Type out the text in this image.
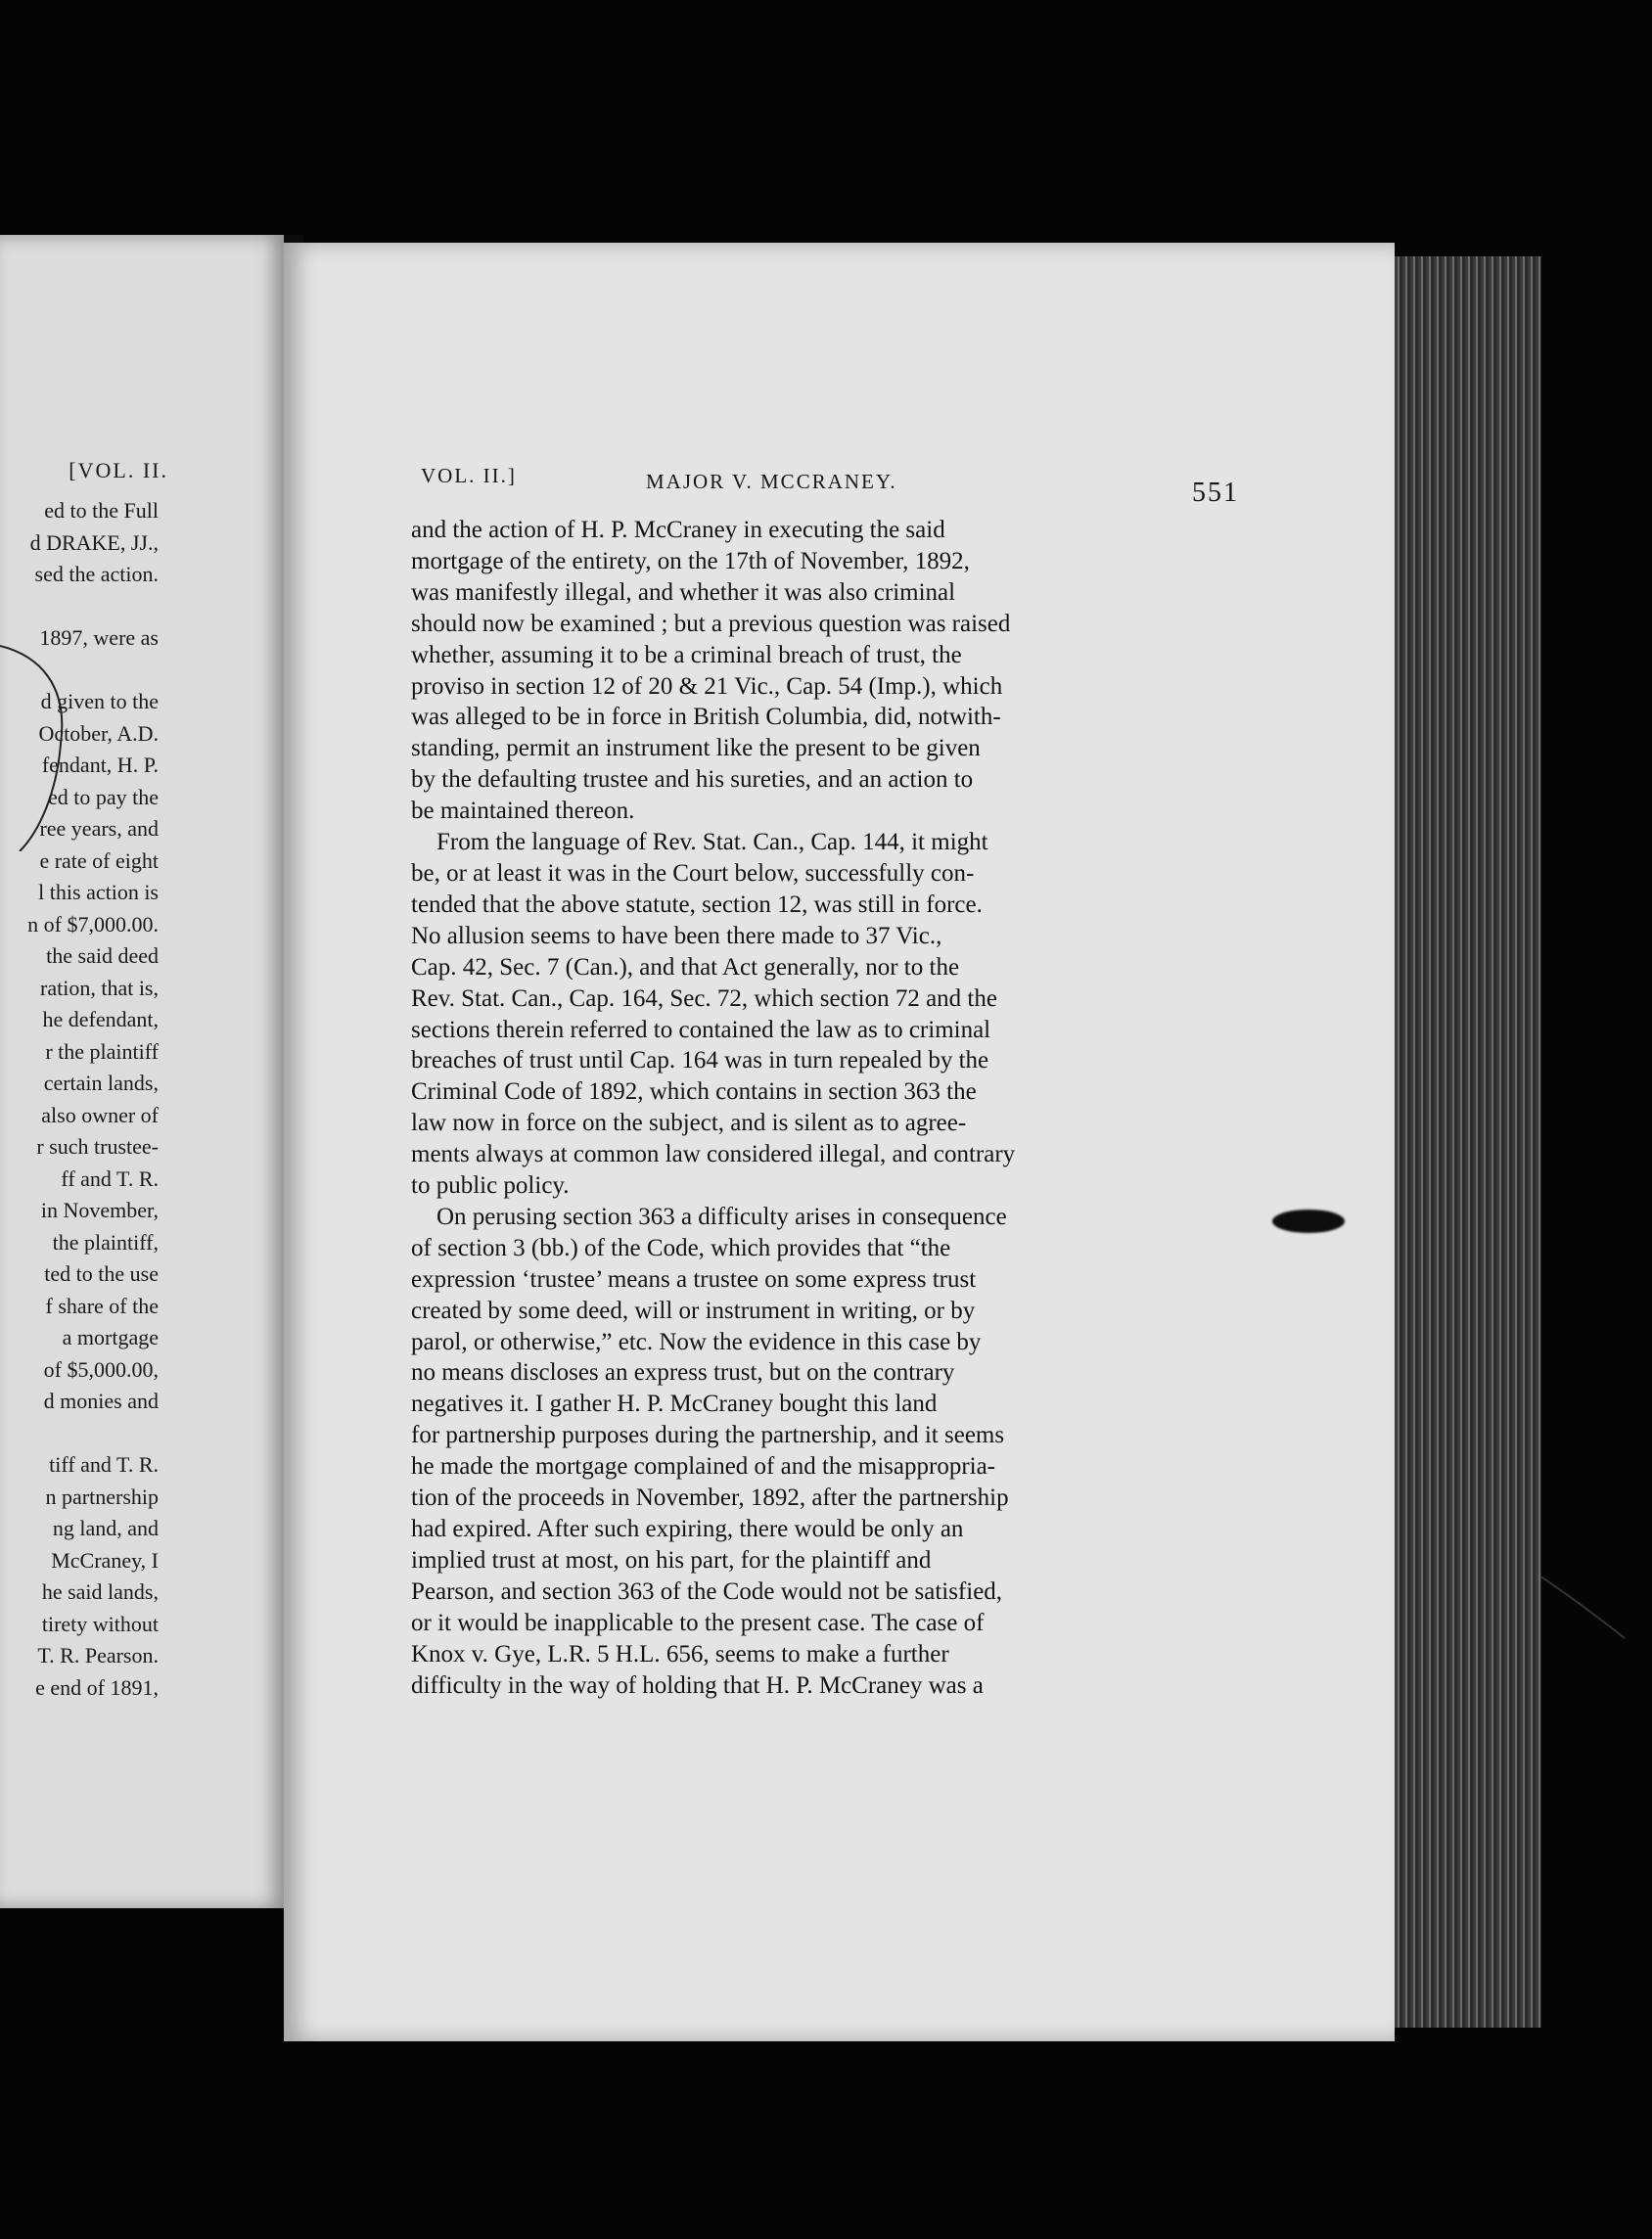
[VOL. II.
ed to the Full
d DRAKE, JJ.,
sed the action.
1897, were as
d given to the
October, A.D.
fendant, H. P.
ed to pay the
ree years, and
e rate of eight
l this action is
n of $7,000.00.
the said deed
ration, that is,
he defendant,
r the plaintiff
certain lands,
also owner of
r such trustee-
ff and T. R.
in November,
the plaintiff,
ted to the use
f share of the
a mortgage
of $5,000.00,
d monies and
tiff and T. R.
n partnership
ng land, and
McCraney, I
he said lands,
tirety without
T. R. Pearson.
e end of 1891,
VOL. II.]	MAJOR V. MCCRANEY.	551
and the action of H. P. McCraney in executing the said
mortgage of the entirety, on the 17th of November, 1892,
was manifestly illegal, and whether it was also criminal
should now be examined ; but a previous question was raised
whether, assuming it to be a criminal breach of trust, the
proviso in section 12 of 20 & 21 Vic., Cap. 54 (Imp.), which
was alleged to be in force in British Columbia, did, notwith-
standing, permit an instrument like the present to be given
by the defaulting trustee and his sureties, and an action to
be maintained thereon.
From the language of Rev. Stat. Can., Cap. 144, it might
be, or at least it was in the Court below, successfully con-
tended that the above statute, section 12, was still in force.
No allusion seems to have been there made to 37 Vic.,
Cap. 42, Sec. 7 (Can.), and that Act generally, nor to the
Rev. Stat. Can., Cap. 164, Sec. 72, which section 72 and the
sections therein referred to contained the law as to criminal
breaches of trust until Cap. 164 was in turn repealed by the
Criminal Code of 1892, which contains in section 363 the
law now in force on the subject, and is silent as to agree-
ments always at common law considered illegal, and contrary
to public policy.
On perusing section 363 a difficulty arises in consequence
of section 3 (bb.) of the Code, which provides that “the
expression ‘trustee’ means a trustee on some express trust
created by some deed, will or instrument in writing, or by
parol, or otherwise,” etc. Now the evidence in this case by
no means discloses an express trust, but on the contrary
negatives it. I gather H. P. McCraney bought this land
for partnership purposes during the partnership, and it seems
he made the mortgage complained of and the misappropria-
tion of the proceeds in November, 1892, after the partnership
had expired. After such expiring, there would be only an
implied trust at most, on his part, for the plaintiff and
Pearson, and section 363 of the Code would not be satisfied,
or it would be inapplicable to the present case. The case of
Knox v. Gye, L.R. 5 H.L. 656, seems to make a further
difficulty in the way of holding that H. P. McCraney was a
